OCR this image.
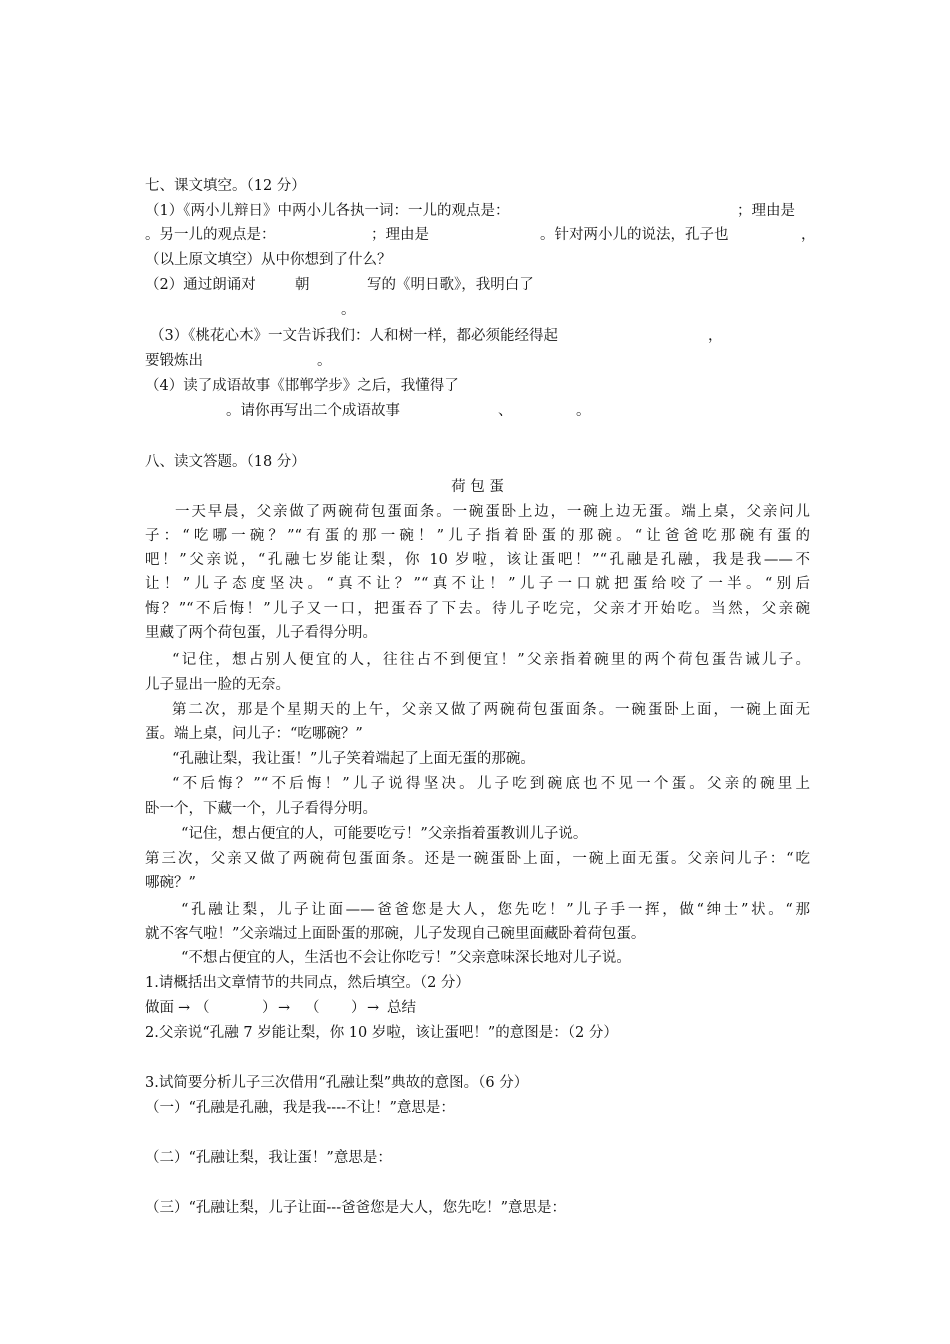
七、课文填空。（12 分）
（1）《两小儿辩日》中两小儿各执一词：一儿的观点是：	；理由是
。另一儿的观点是：	；理由是	。针对两小儿的说法，孔子也	，
（以上原文填空）从中你想到了什么？
（2）通过朗诵对	朝	写的《明日歌》，我明白了
。
（3）《桃花心木》一文告诉我们：人和树一样，都必须能经得起	，
要锻炼出	。
（4）读了成语故事《邯郸学步》之后，我懂得了
。请你再写出二个成语故事	、	。
八、读文答题。（18 分）
荷 包 蛋
一天早晨，父亲做了两碗荷包蛋面条。一碗蛋卧上边，一碗上边无蛋。端上桌，父亲问儿
子：“吃哪一碗？”“有蛋的那一碗！”儿子指着卧蛋的那碗。“让爸爸吃那碗有蛋的
吧！”父亲说，“孔融七岁能让梨，你 10 岁啦，该让蛋吧！”“孔融是孔融，我是我——不
让！”儿子态度坚决。“真不让？”“真不让！”儿子一口就把蛋给咬了一半。“别后
悔？”“不后悔！”儿子又一口，把蛋吞了下去。待儿子吃完，父亲才开始吃。当然，父亲碗
里藏了两个荷包蛋，儿子看得分明。
“记住，想占别人便宜的人，往往占不到便宜！”父亲指着碗里的两个荷包蛋告诫儿子。
儿子显出一脸的无奈。
第二次，那是个星期天的上午，父亲又做了两碗荷包蛋面条。一碗蛋卧上面，一碗上面无
蛋。端上桌，问儿子：“吃哪碗？”
“孔融让梨，我让蛋！”儿子笑着端起了上面无蛋的那碗。
“不后悔？”“不后悔！”儿子说得坚决。儿子吃到碗底也不见一个蛋。父亲的碗里上
卧一个，下藏一个，儿子看得分明。
“记住，想占便宜的人，可能要吃亏！”父亲指着蛋教训儿子说。
第三次，父亲又做了两碗荷包蛋面条。还是一碗蛋卧上面，一碗上面无蛋。父亲问儿子：“吃
哪碗？”
“孔融让梨，儿子让面——爸爸您是大人，您先吃！”儿子手一挥，做“绅士”状。“那
就不客气啦！”父亲端过上面卧蛋的那碗，儿子发现自己碗里面藏卧着荷包蛋。
“不想占便宜的人，生活也不会让你吃亏！”父亲意味深长地对儿子说。
1.请概括出文章情节的共同点，然后填空。（2 分）
做面 → （	） → （ ） → 总结
2.父亲说“孔融 7 岁能让梨，你 10 岁啦，该让蛋吧！”的意图是：（2 分）
3.试简要分析儿子三次借用“孔融让梨”典故的意图。（6 分）
（一）“孔融是孔融，我是我----不让！”意思是：
（二）“孔融让梨，我让蛋！”意思是：
（三）“孔融让梨，儿子让面---爸爸您是大人，您先吃！”意思是：
